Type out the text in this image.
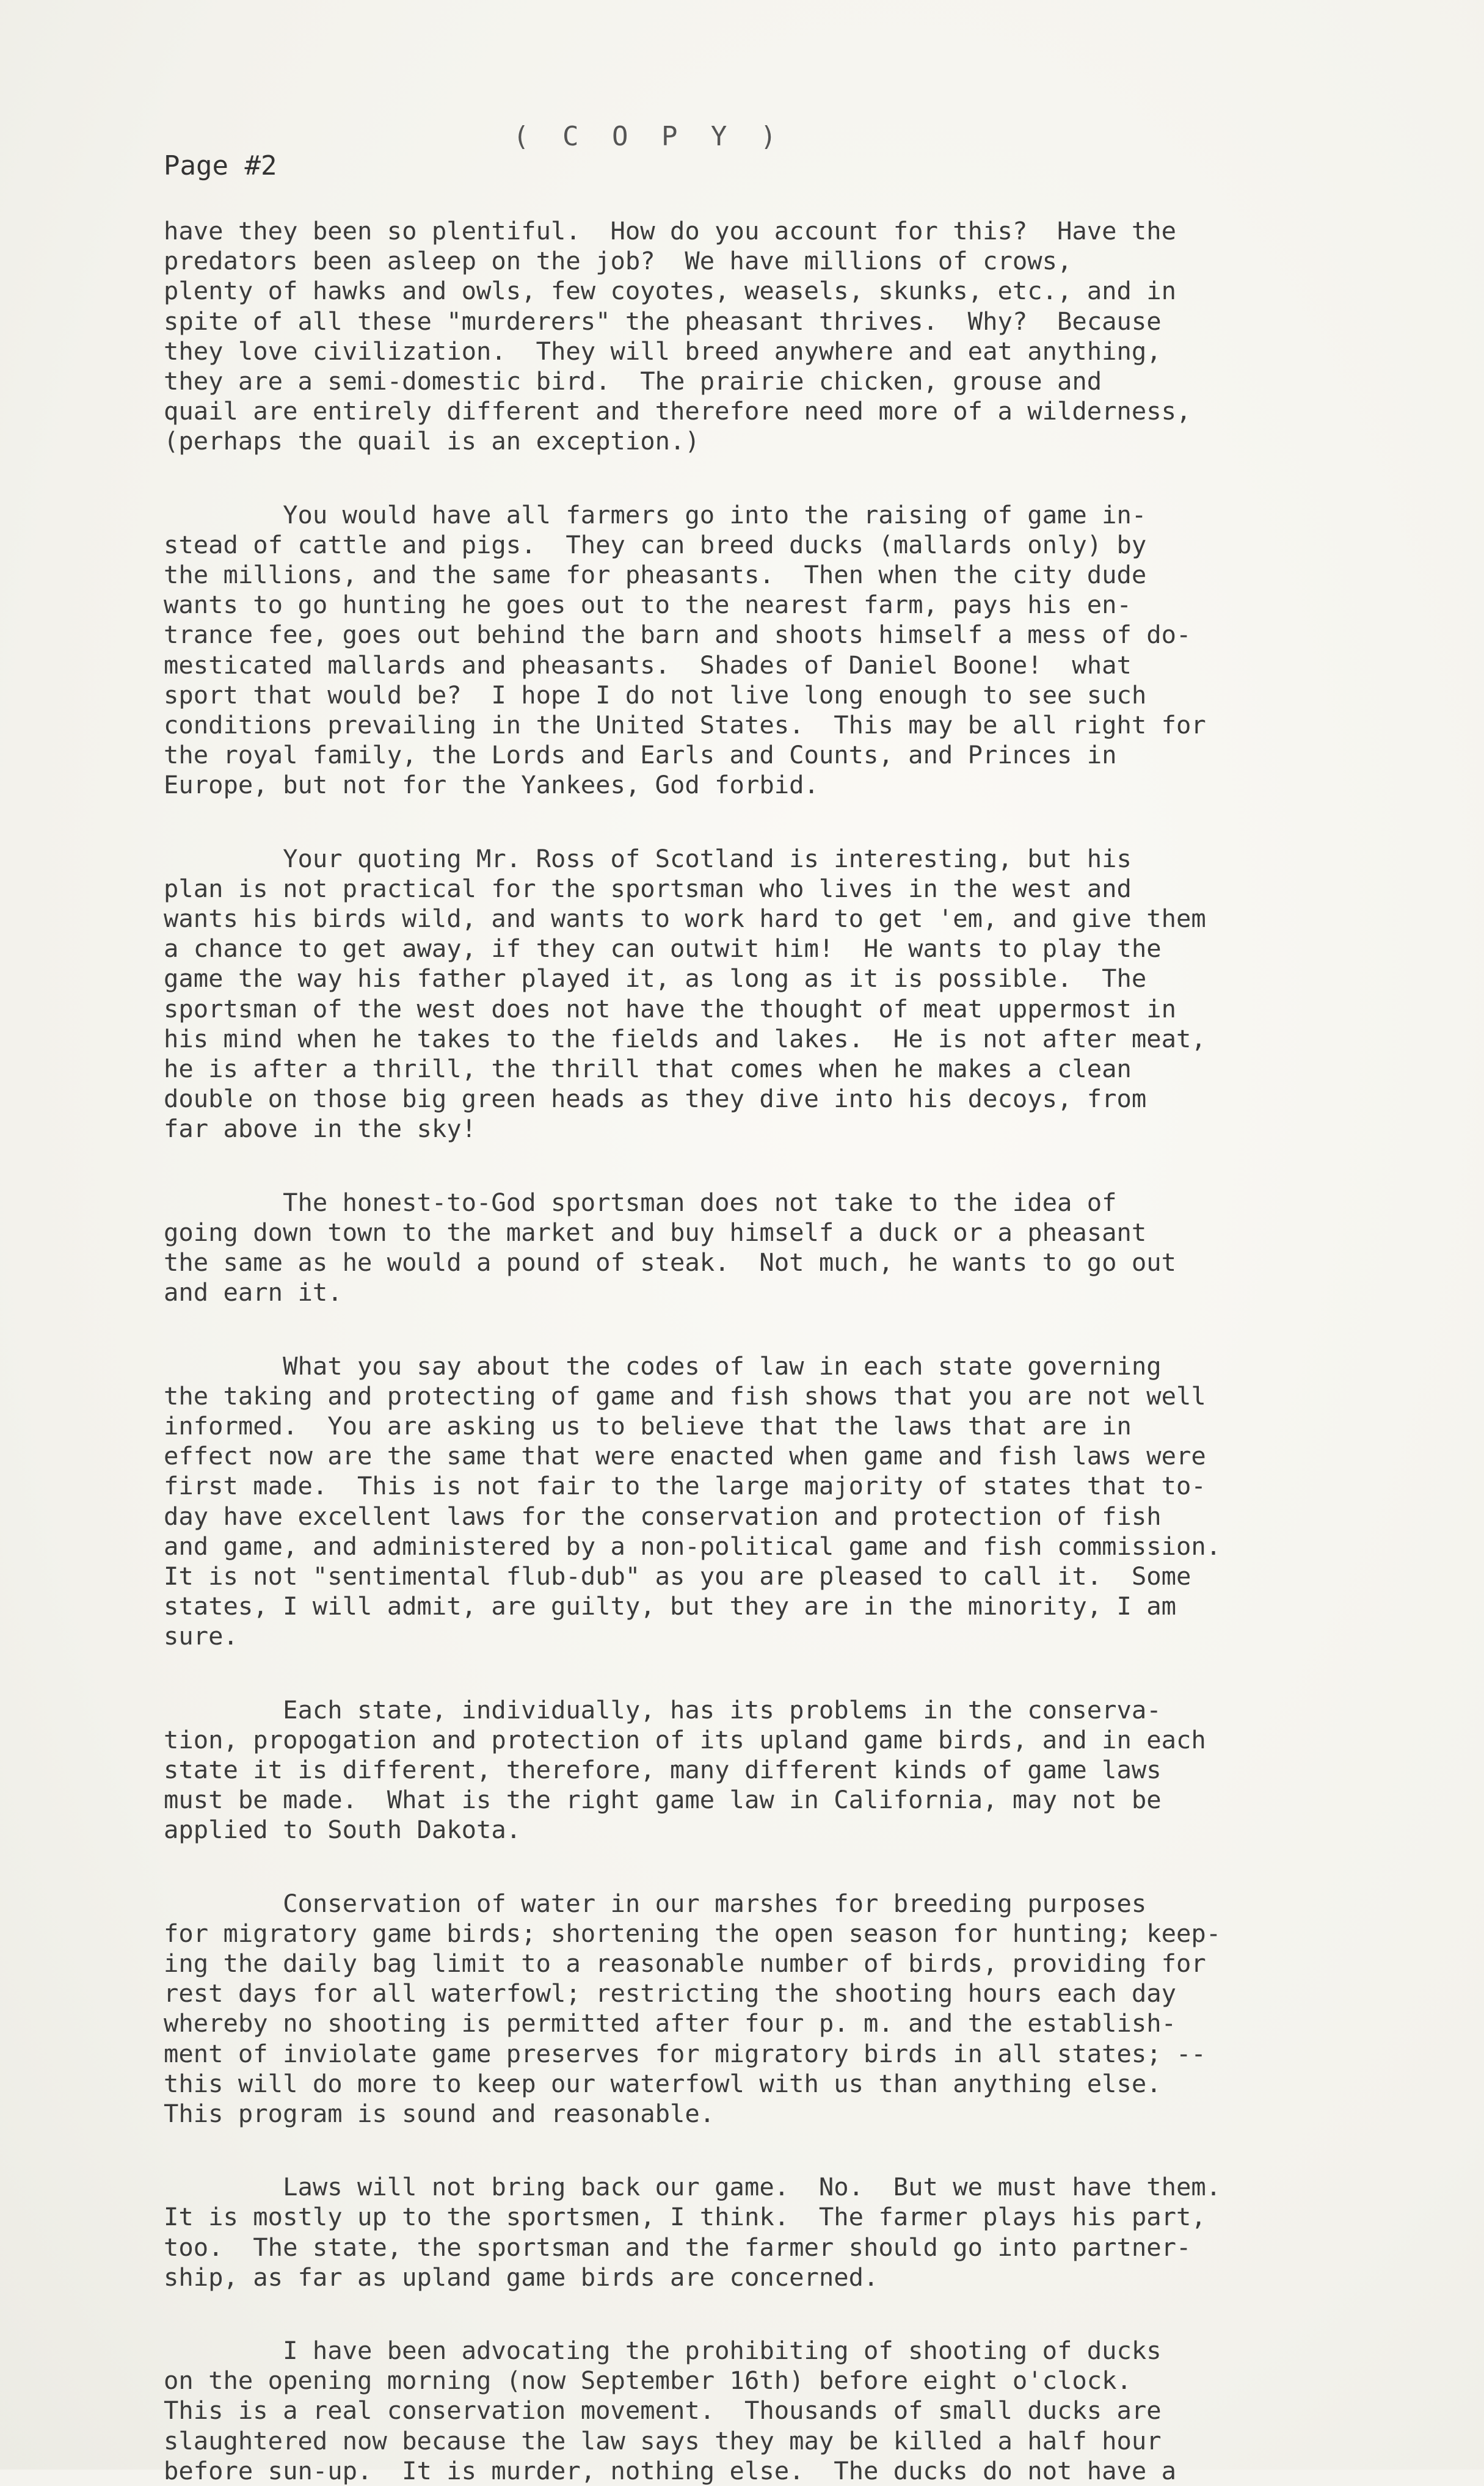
( C O P Y )
Page #2

have they been so plentiful.  How do you account for this?  Have the
predators been asleep on the job?  We have millions of crows,
plenty of hawks and owls, few coyotes, weasels, skunks, etc., and in
spite of all these "murderers" the pheasant thrives.  Why?  Because
they love civilization.  They will breed anywhere and eat anything,
they are a semi-domestic bird.  The prairie chicken, grouse and
quail are entirely different and therefore need more of a wilderness,
(perhaps the quail is an exception.)

You would have all farmers go into the raising of game in-
stead of cattle and pigs.  They can breed ducks (mallards only) by
the millions, and the same for pheasants.  Then when the city dude
wants to go hunting he goes out to the nearest farm, pays his en-
trance fee, goes out behind the barn and shoots himself a mess of do-
mesticated mallards and pheasants.  Shades of Daniel Boone!  what
sport that would be?  I hope I do not live long enough to see such
conditions prevailing in the United States.  This may be all right for
the royal family, the Lords and Earls and Counts, and Princes in
Europe, but not for the Yankees, God forbid.

Your quoting Mr. Ross of Scotland is interesting, but his
plan is not practical for the sportsman who lives in the west and
wants his birds wild, and wants to work hard to get 'em, and give them
a chance to get away, if they can outwit him!  He wants to play the
game the way his father played it, as long as it is possible.  The
sportsman of the west does not have the thought of meat uppermost in
his mind when he takes to the fields and lakes.  He is not after meat,
he is after a thrill, the thrill that comes when he makes a clean
double on those big green heads as they dive into his decoys, from
far above in the sky!

The honest-to-God sportsman does not take to the idea of
going down town to the market and buy himself a duck or a pheasant
the same as he would a pound of steak.  Not much, he wants to go out
and earn it.

What you say about the codes of law in each state governing
the taking and protecting of game and fish shows that you are not well
informed.  You are asking us to believe that the laws that are in
effect now are the same that were enacted when game and fish laws were
first made.  This is not fair to the large majority of states that to-
day have excellent laws for the conservation and protection of fish
and game, and administered by a non-political game and fish commission.
It is not "sentimental flub-dub" as you are pleased to call it.  Some
states, I will admit, are guilty, but they are in the minority, I am
sure.

Each state, individually, has its problems in the conserva-
tion, propogation and protection of its upland game birds, and in each
state it is different, therefore, many different kinds of game laws
must be made.  What is the right game law in California, may not be
applied to South Dakota.

Conservation of water in our marshes for breeding purposes
for migratory game birds; shortening the open season for hunting; keep-
ing the daily bag limit to a reasonable number of birds, providing for
rest days for all waterfowl; restricting the shooting hours each day
whereby no shooting is permitted after four p. m. and the establish-
ment of inviolate game preserves for migratory birds in all states; --
this will do more to keep our waterfowl with us than anything else.
This program is sound and reasonable.

Laws will not bring back our game.  No.  But we must have them.
It is mostly up to the sportsmen, I think.  The farmer plays his part,
too.  The state, the sportsman and the farmer should go into partner-
ship, as far as upland game birds are concerned.

I have been advocating the prohibiting of shooting of ducks
on the opening morning (now September 16th) before eight o'clock.
This is a real conservation movement.  Thousands of small ducks are
slaughtered now because the law says they may be killed a half hour
before sun-up.  It is murder, nothing else.  The ducks do not have a
